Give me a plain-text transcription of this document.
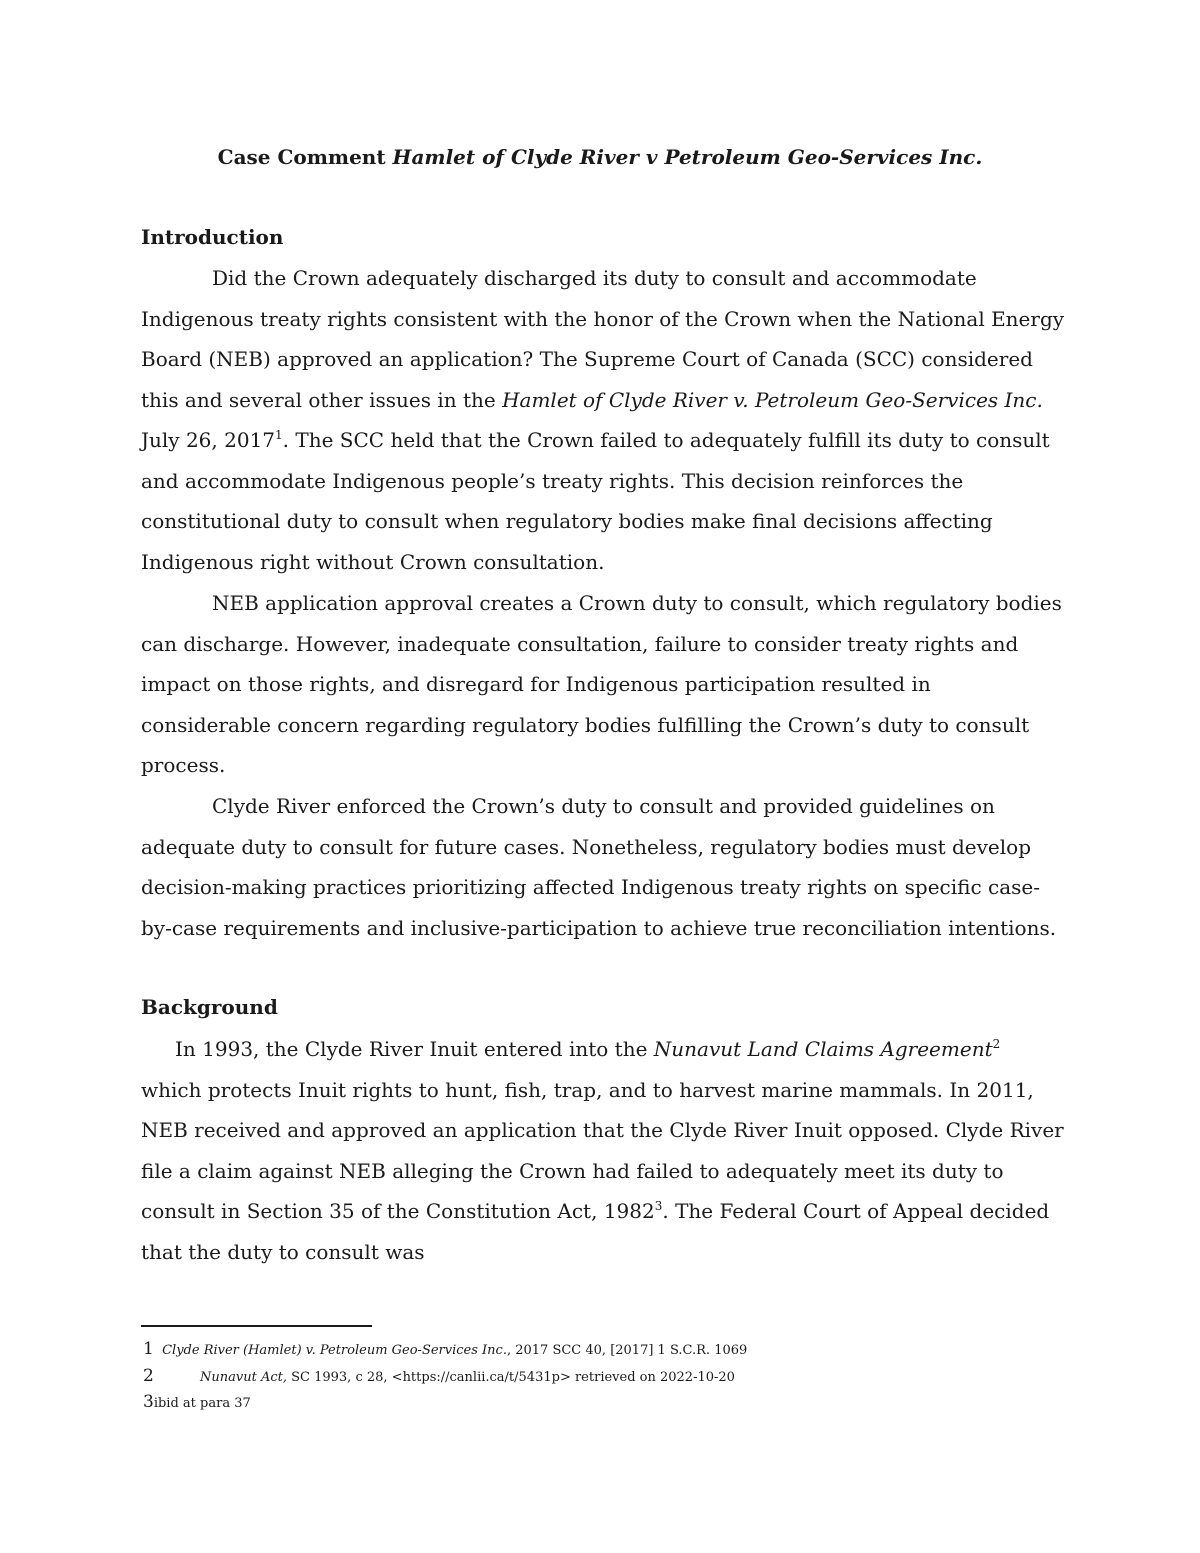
Case Comment Hamlet of Clyde River v Petroleum Geo-Services Inc.
Introduction

Did the Crown adequately discharged its duty to consult and accommodate Indigenous treaty rights consistent with the honor of the Crown when the National Energy Board (NEB) approved an application? The Supreme Court of Canada (SCC) considered this and several other issues in the Hamlet of Clyde River v. Petroleum Geo-Services Inc. July 26, 2017$^1$. The SCC held that the Crown failed to adequately fulfill its duty to consult and accommodate Indigenous people’s treaty rights. This decision reinforces the constitutional duty to consult when regulatory bodies make final decisions affecting Indigenous right without Crown consultation.

NEB application approval creates a Crown duty to consult, which regulatory bodies can discharge. However, inadequate consultation, failure to consider treaty rights and impact on those rights, and disregard for Indigenous participation resulted in considerable concern regarding regulatory bodies fulfilling the Crown’s duty to consult process.

Clyde River enforced the Crown’s duty to consult and provided guidelines on adequate duty to consult for future cases. Nonetheless, regulatory bodies must develop decision-making practices prioritizing affected Indigenous treaty rights on specific case-by-case requirements and inclusive-participation to achieve true reconciliation intentions.

Background

In 1993, the Clyde River Inuit entered into the Nunavut Land Claims Agreement$^2$ which protects Inuit rights to hunt, fish, trap, and to harvest marine mammals. In 2011, NEB received and approved an application that the Clyde River Inuit opposed. Clyde River file a claim against NEB alleging the Crown had failed to adequately meet its duty to consult in Section 35 of the Constitution Act, 1982$^3$. The Federal Court of Appeal decided that the duty to consult was

1 Clyde River (Hamlet) v. Petroleum Geo-Services Inc., 2017 SCC 40, [2017] 1 S.C.R. 1069
2	Nunavut Act, SC 1993, c 28, <https://canlii.ca/t/5431p> retrieved on 2022-10-20
3ibid at para 37
